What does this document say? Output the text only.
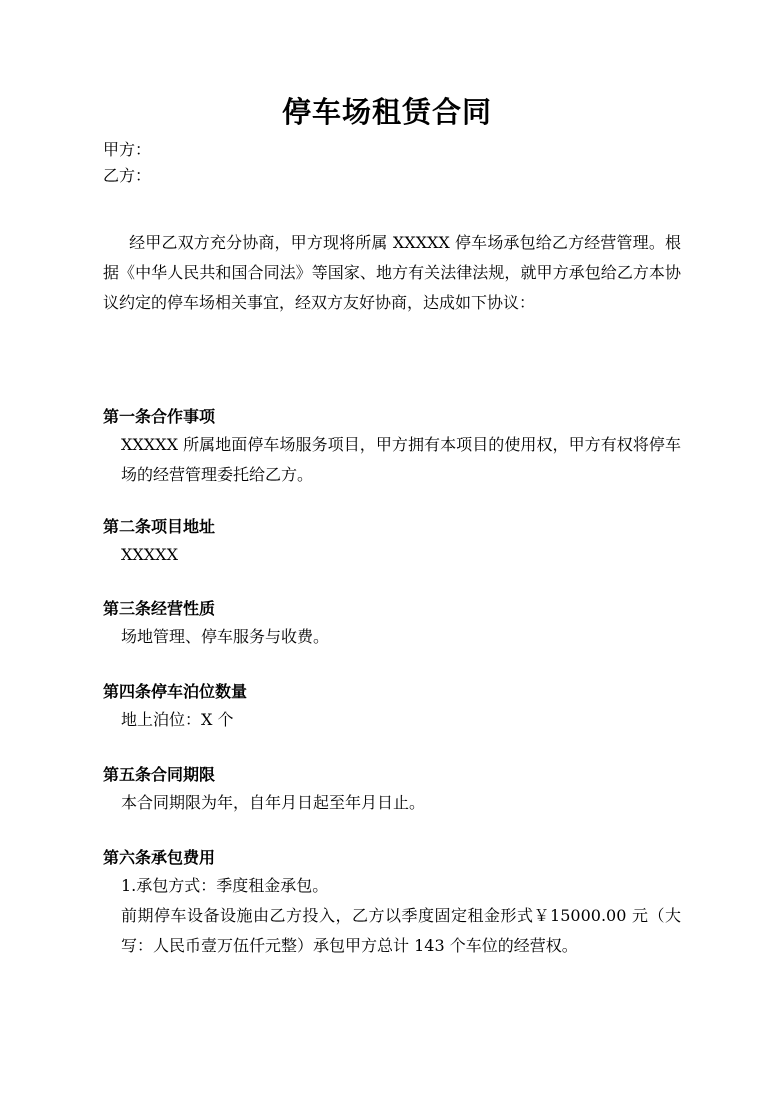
停车场租赁合同

甲方：

乙方：

经甲乙双方充分协商，甲方现将所属 XXXXX 停车场承包给乙方经营管理。根据《中华人民共和国合同法》等国家、地方有关法律法规，就甲方承包给乙方本协议约定的停车场相关事宜，经双方友好协商，达成如下协议：

第一条合作事项

XXXXX 所属地面停车场服务项目，甲方拥有本项目的使用权，甲方有权将停车场的经营管理委托给乙方。

第二条项目地址

XXXXX

第三条经营性质

场地管理、停车服务与收费。

第四条停车泊位数量

地上泊位：X 个

第五条合同期限

本合同期限为年，自年月日起至年月日止。

第六条承包费用

1.承包方式：季度租金承包。

前期停车设备设施由乙方投入，乙方以季度固定租金形式￥15000.00 元（大写：人民币壹万伍仟元整）承包甲方总计 143 个车位的经营权。
